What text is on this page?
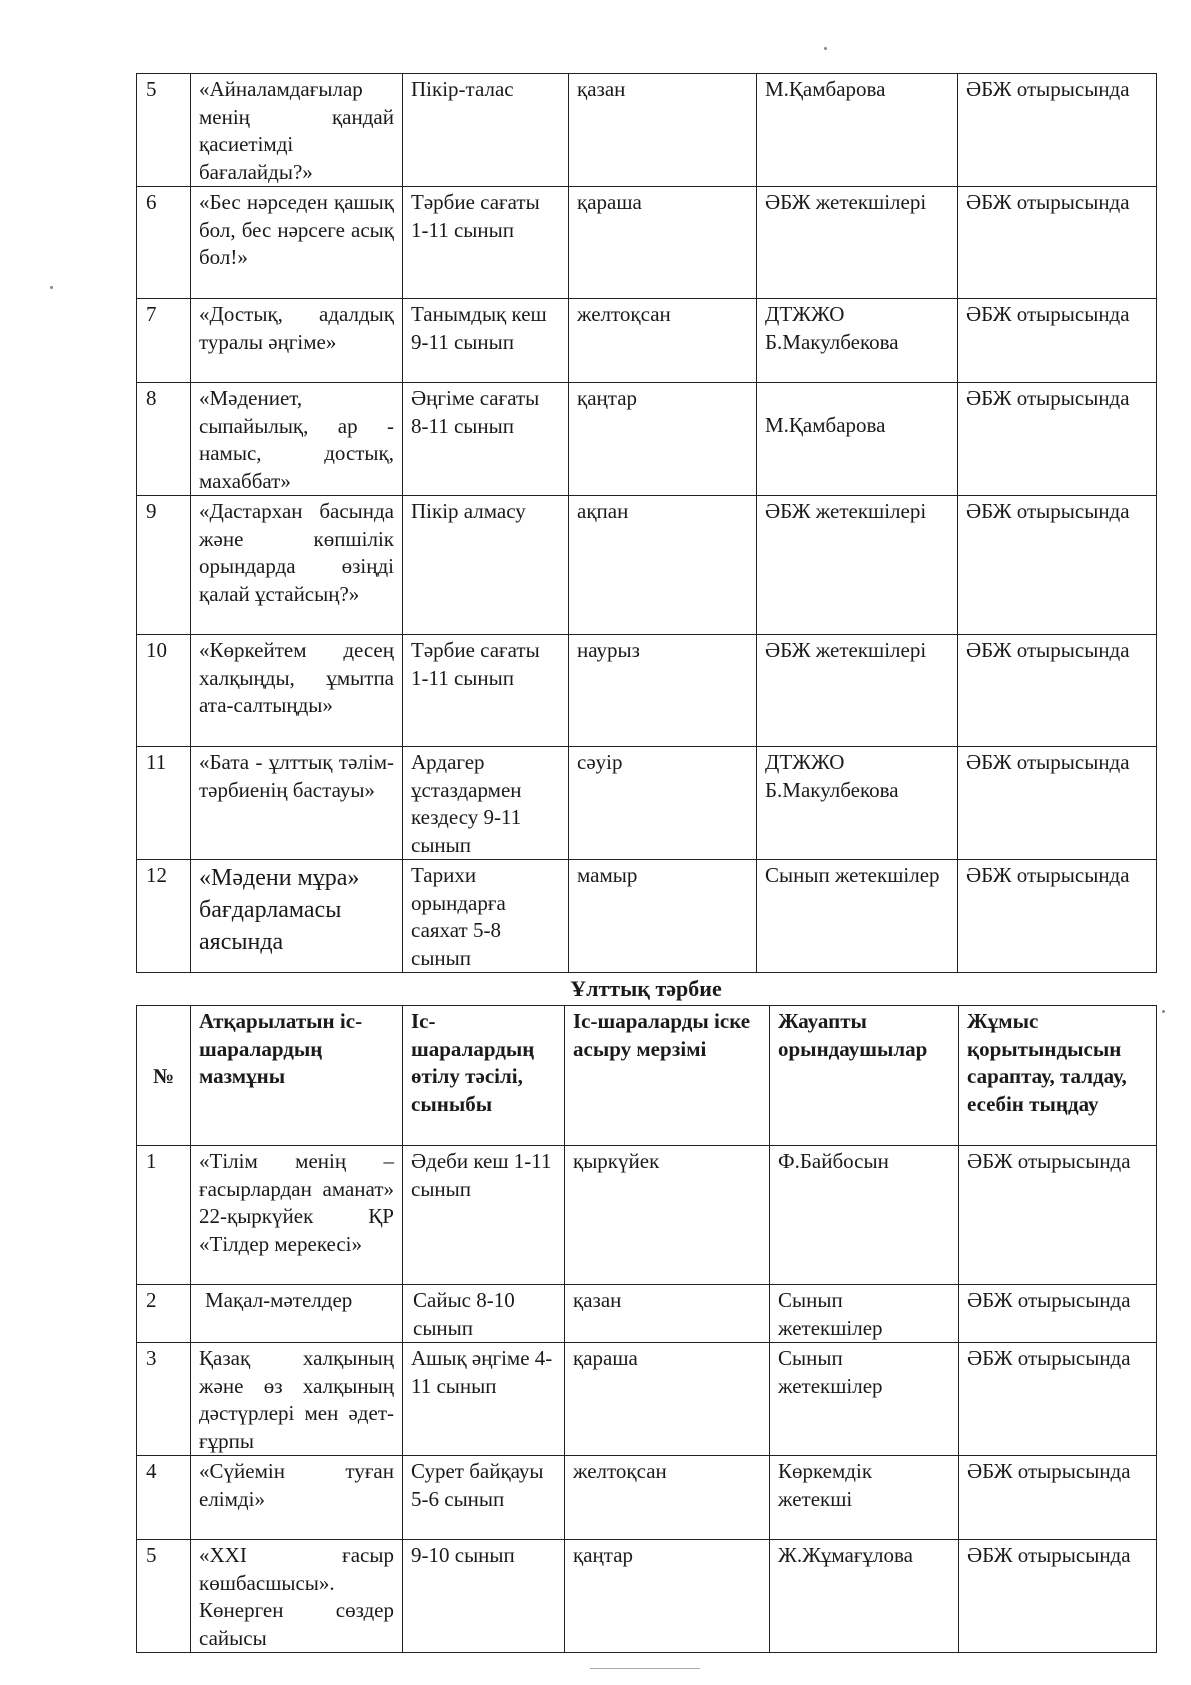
5	«Айналамдағылар менің қандай қасиетімді бағалайды?»	Пікір-талас	қазан	М.Қамбарова	ӘБЖ отырысында
6	«Бес нәрседен қашық бол, бес нәрсеге асық бол!»	Тәрбие сағаты 1-11 сынып	қараша	ӘБЖ жетекшілері	ӘБЖ отырысында
7	«Достық, адалдық туралы әңгіме»	Танымдық кеш 9-11 сынып	желтоқсан	ДТЖЖО Б.Макулбекова	ӘБЖ отырысында
8	«Мәдениет, сыпайылық, ар - намыс, достық, махаббат»	Әңгіме сағаты 8-11 сынып	қаңтар	М.Қамбарова	ӘБЖ отырысында
9	«Дастархан басында және көпшілік орындарда өзіңді қалай ұстайсың?»	Пікір алмасу	ақпан	ӘБЖ жетекшілері	ӘБЖ отырысында
10	«Көркейтем десең халқыңды, ұмытпа ата-салтыңды»	Тәрбие сағаты 1-11 сынып	наурыз	ӘБЖ жетекшілері	ӘБЖ отырысында
11	«Бата - ұлттық тәлім-тәрбиенің бастауы»	Ардагер ұстаздармен кездесу 9-11 сынып	сәуір	ДТЖЖО Б.Макулбекова	ӘБЖ отырысында
12	«Мәдени мұра» бағдарламасы аясында	Тарихи орындарға саяхат 5-8 сынып	мамыр	Сынып жетекшілер	ӘБЖ отырысында
Ұлттық тәрбие
№	Атқарылатын іс-шаралардың мазмұны	Іс-шаралардың өтілу тәсілі, сыныбы	Іс-шараларды іске асыру мерзімі	Жауапты орындаушылар	Жұмыс қорытындысын сараптау, талдау, есебін тыңдау
1	«Тілім менің – ғасырлардан аманат» 22-қыркүйек ҚР «Тілдер мерекесі»	Әдеби кеш 1-11 сынып	қыркүйек	Ф.Байбосын	ӘБЖ отырысында
2	Мақал-мәтелдер	Сайыс 8-10 сынып	қазан	Сынып жетекшілер	ӘБЖ отырысында
3	Қазақ халқының және өз халқының дәстүрлері мен әдет-ғұрпы	Ашық әңгіме 4-11 сынып	қараша	Сынып жетекшілер	ӘБЖ отырысында
4	«Сүйемін туған елімді»	Сурет байқауы 5-6 сынып	желтоқсан	Көркемдік жетекші	ӘБЖ отырысында
5	«XXI ғасыр көшбасшысы». Көнерген сөздер сайысы	9-10 сынып	қаңтар	Ж.Жұмағұлова	ӘБЖ отырысында
